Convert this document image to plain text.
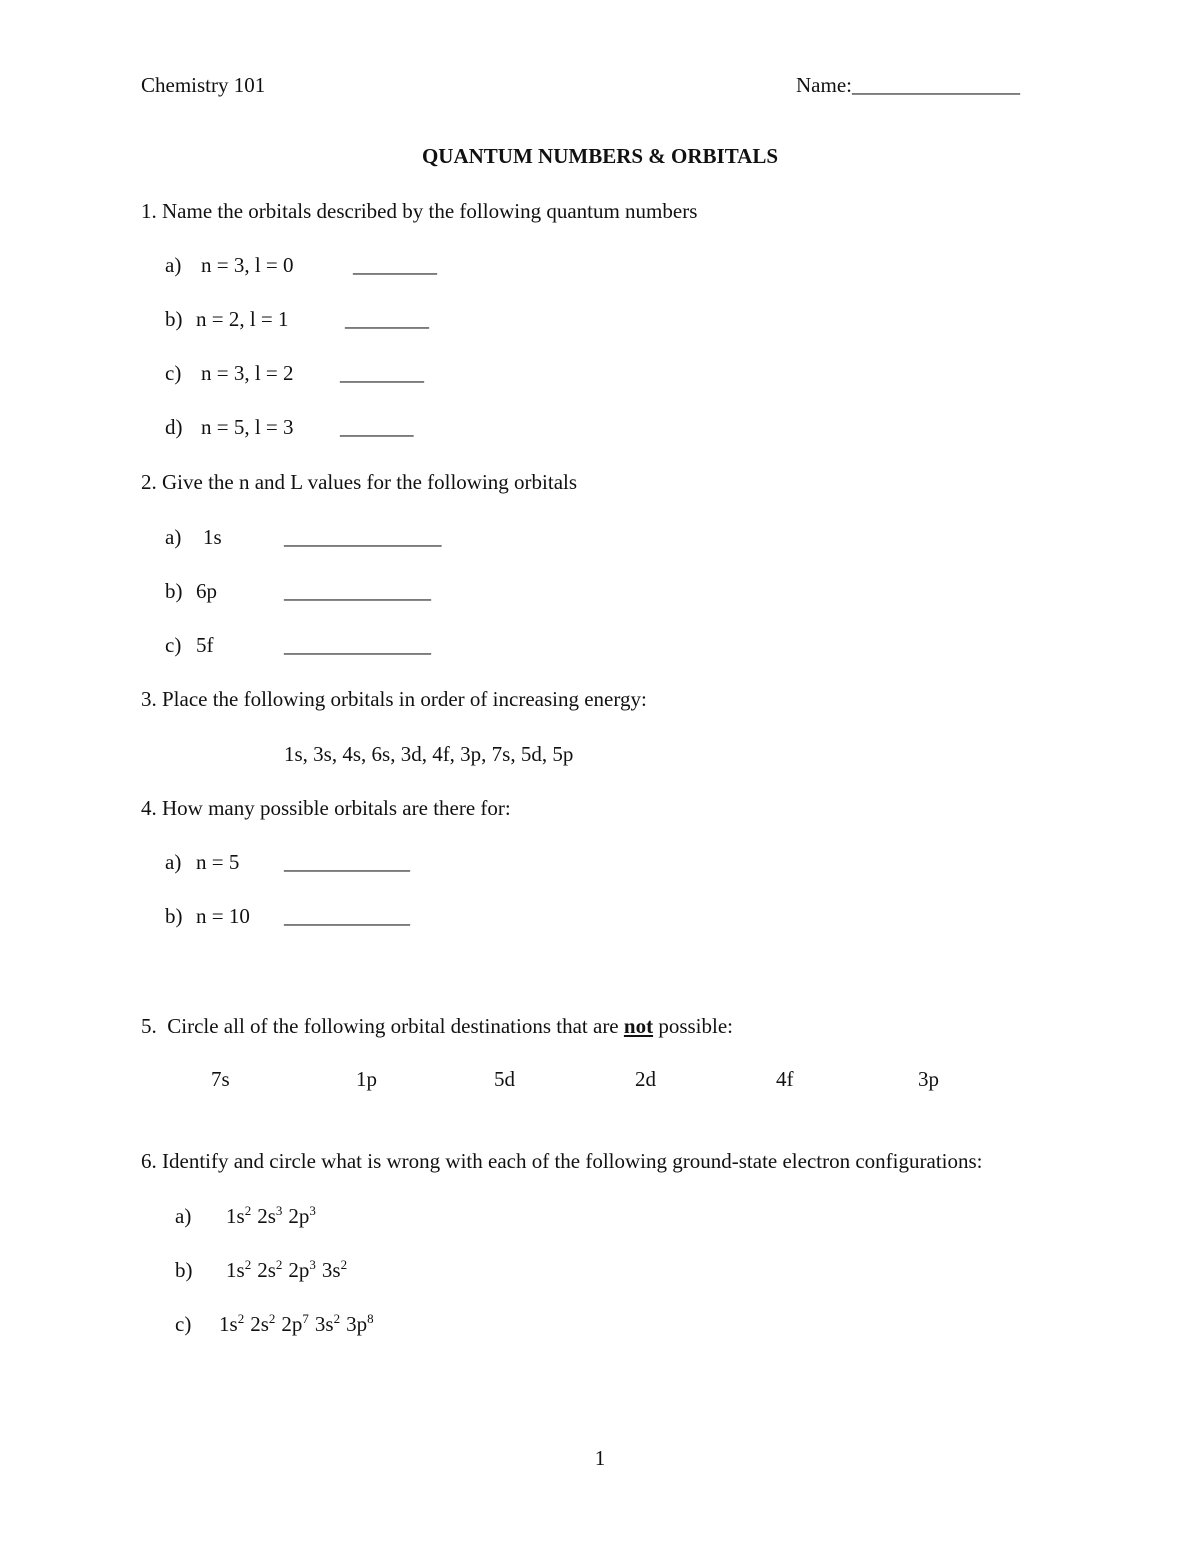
Chemistry 101	Name:________________
QUANTUM NUMBERS & ORBITALS
1. Name the orbitals described by the following quantum numbers
a) n = 3, l = 0	________
b) n = 2, l = 1	________
c) n = 3, l = 2 ________
d) n = 5, l = 3 _______
2. Give the n and L values for the following orbitals
a) 1s	_______________
b) 6p	______________
c) 5f	______________
3. Place the following orbitals in order of increasing energy:
1s, 3s, 4s, 6s, 3d, 4f, 3p, 7s, 5d, 5p
4. How many possible orbitals are there for:
a) n = 5 ____________
b) n = 10 ____________
5.  Circle all of the following orbital destinations that are not possible:
7s	1p	5d	2d	4f	3p
6. Identify and circle what is wrong with each of the following ground-state electron configurations:
a) $1s^2$ $2s^3$ $2p^3$
b) $1s^2$ $2s^2$ $2p^3$ $3s^2$
c) $1s^2$ $2s^2$ $2p^7$ $3s^2$ $3p^8$
1
